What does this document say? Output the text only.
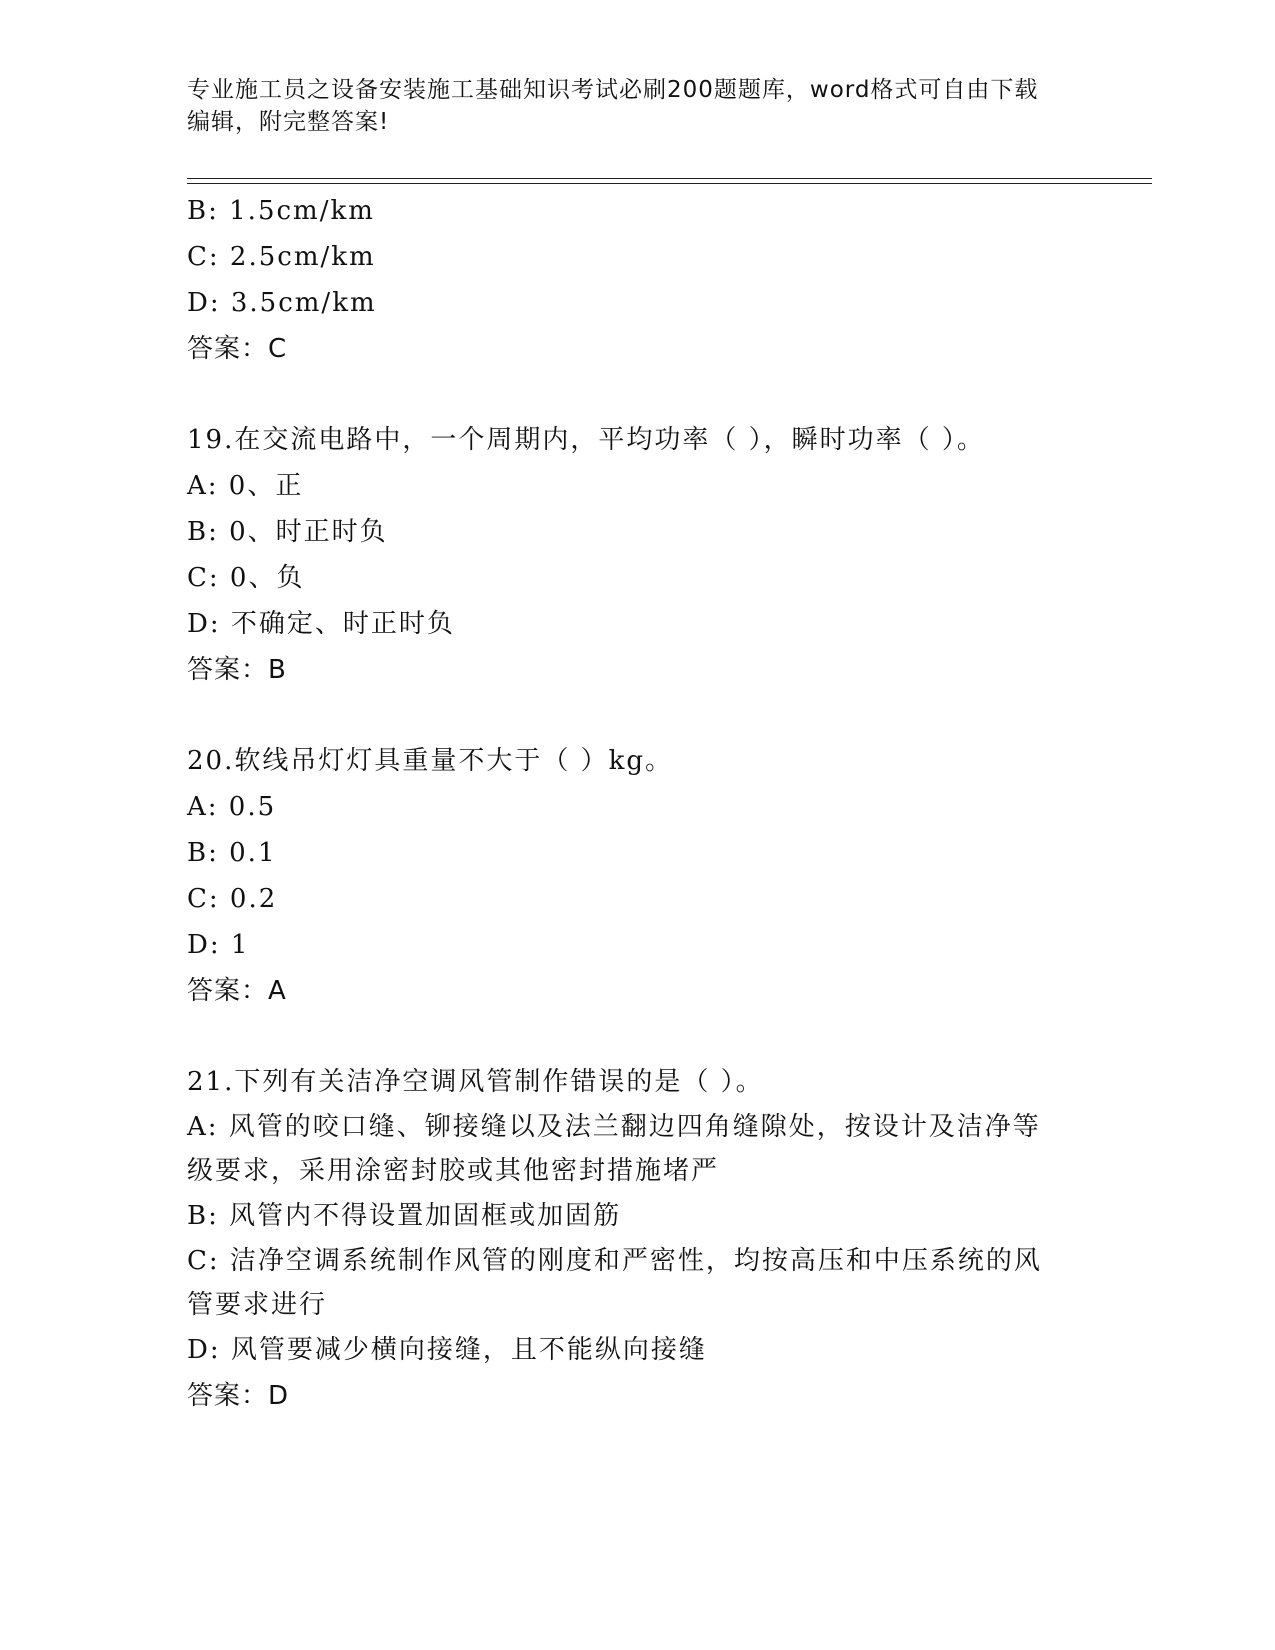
专业施工员之设备安装施工基础知识考试必刷200题题库，word格式可自由下载
编辑，附完整答案!
B: 1.5cm/km
C: 2.5cm/km
D: 3.5cm/km
答案：C
19.在交流电路中，一个周期内，平均功率（ ），瞬时功率（ ）。
A: 0、正
B: 0、时正时负
C: 0、负
D: 不确定、时正时负
答案：B
20.软线吊灯灯具重量不大于（ ）kg。
A: 0.5
B: 0.1
C: 0.2
D: 1
答案：A
21.下列有关洁净空调风管制作错误的是（ ）。
A: 风管的咬口缝、铆接缝以及法兰翻边四角缝隙处，按设计及洁净等
级要求，采用涂密封胶或其他密封措施堵严
B: 风管内不得设置加固框或加固筋
C: 洁净空调系统制作风管的刚度和严密性，均按高压和中压系统的风
管要求进行
D: 风管要减少横向接缝，且不能纵向接缝
答案：D
